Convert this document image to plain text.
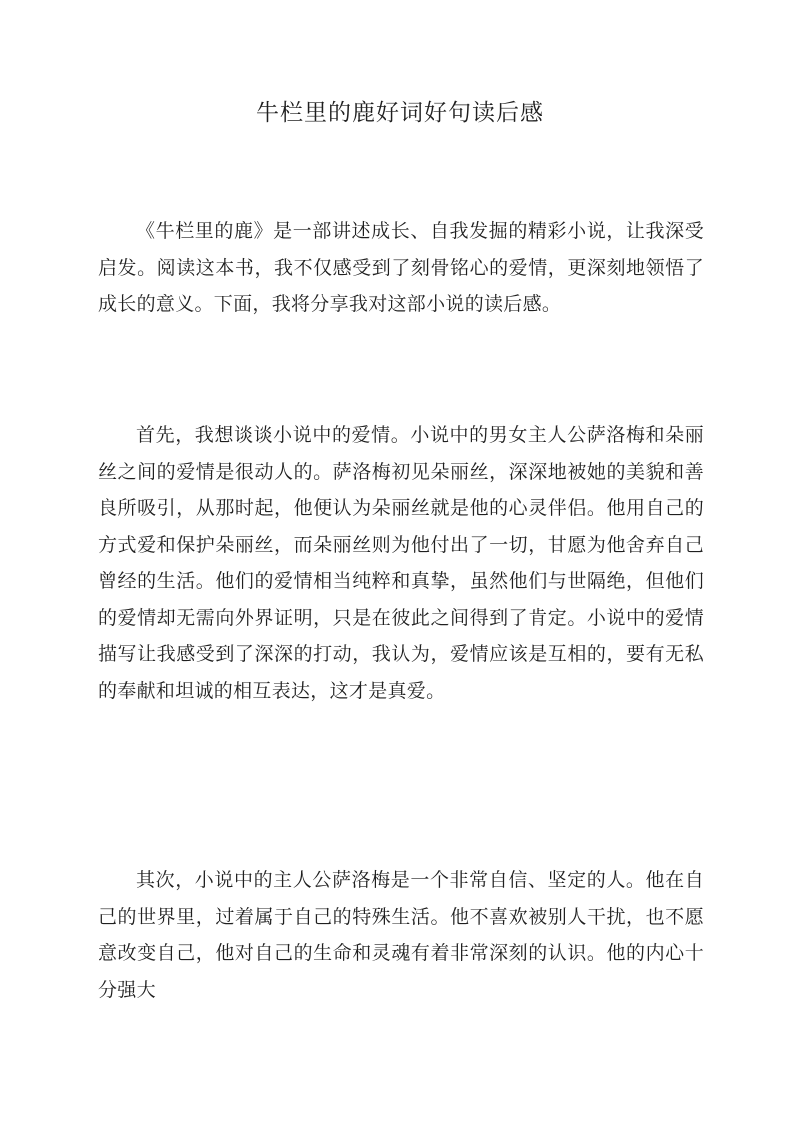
牛栏里的鹿好词好句读后感

《牛栏里的鹿》是一部讲述成长、自我发掘的精彩小说，让我深受启发。阅读这本书，我不仅感受到了刻骨铭心的爱情，更深刻地领悟了成长的意义。下面，我将分享我对这部小说的读后感。

首先，我想谈谈小说中的爱情。小说中的男女主人公萨洛梅和朵丽丝之间的爱情是很动人的。萨洛梅初见朵丽丝，深深地被她的美貌和善良所吸引，从那时起，他便认为朵丽丝就是他的心灵伴侣。他用自己的方式爱和保护朵丽丝，而朵丽丝则为他付出了一切，甘愿为他舍弃自己曾经的生活。他们的爱情相当纯粹和真挚，虽然他们与世隔绝，但他们的爱情却无需向外界证明，只是在彼此之间得到了肯定。小说中的爱情描写让我感受到了深深的打动，我认为，爱情应该是互相的，要有无私的奉献和坦诚的相互表达，这才是真爱。

其次，小说中的主人公萨洛梅是一个非常自信、坚定的人。他在自己的世界里，过着属于自己的特殊生活。他不喜欢被别人干扰，也不愿意改变自己，他对自己的生命和灵魂有着非常深刻的认识。他的内心十分强大
